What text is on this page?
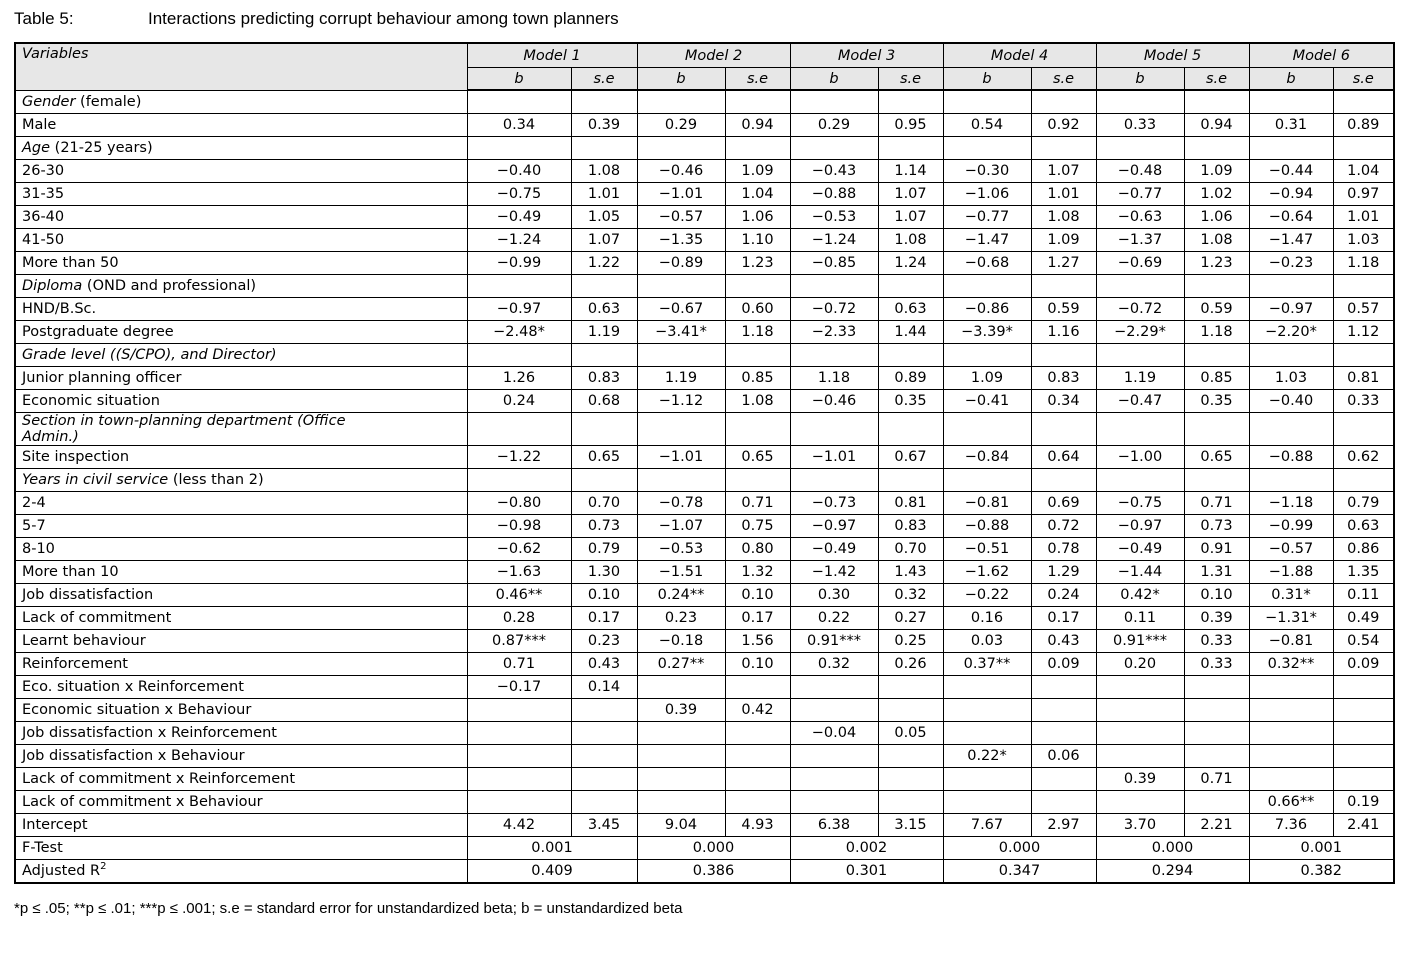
Table 5:	Interactions predicting corrupt behaviour among town planners
Variables	Model 1		Model 2		Model 3		Model 4		Model 5		Model 6	
	b	s.e	b	s.e	b	s.e	b	s.e	b	s.e	b	s.e
Gender (female)												
Male	0.34	0.39	0.29	0.94	0.29	0.95	0.54	0.92	0.33	0.94	0.31	0.89
Age (21-25 years)												
26-30	−0.40	1.08	−0.46	1.09	−0.43	1.14	−0.30	1.07	−0.48	1.09	−0.44	1.04
31-35	−0.75	1.01	−1.01	1.04	−0.88	1.07	−1.06	1.01	−0.77	1.02	−0.94	0.97
36-40	−0.49	1.05	−0.57	1.06	−0.53	1.07	−0.77	1.08	−0.63	1.06	−0.64	1.01
41-50	−1.24	1.07	−1.35	1.10	−1.24	1.08	−1.47	1.09	−1.37	1.08	−1.47	1.03
More than 50	−0.99	1.22	−0.89	1.23	−0.85	1.24	−0.68	1.27	−0.69	1.23	−0.23	1.18
Diploma (OND and professional)												
HND/B.Sc.	−0.97	0.63	−0.67	0.60	−0.72	0.63	−0.86	0.59	−0.72	0.59	−0.97	0.57
Postgraduate degree	−2.48*	1.19	−3.41*	1.18	−2.33	1.44	−3.39*	1.16	−2.29*	1.18	−2.20*	1.12
Grade level ((S/CPO), and Director)												
Junior planning officer	1.26	0.83	1.19	0.85	1.18	0.89	1.09	0.83	1.19	0.85	1.03	0.81
Economic situation	0.24	0.68	−1.12	1.08	−0.46	0.35	−0.41	0.34	−0.47	0.35	−0.40	0.33
Section in town-planning department (Office
Admin.)												
Site inspection	−1.22	0.65	−1.01	0.65	−1.01	0.67	−0.84	0.64	−1.00	0.65	−0.88	0.62
Years in civil service (less than 2)												
2-4	−0.80	0.70	−0.78	0.71	−0.73	0.81	−0.81	0.69	−0.75	0.71	−1.18	0.79
5-7	−0.98	0.73	−1.07	0.75	−0.97	0.83	−0.88	0.72	−0.97	0.73	−0.99	0.63
8-10	−0.62	0.79	−0.53	0.80	−0.49	0.70	−0.51	0.78	−0.49	0.91	−0.57	0.86
More than 10	−1.63	1.30	−1.51	1.32	−1.42	1.43	−1.62	1.29	−1.44	1.31	−1.88	1.35
Job dissatisfaction	0.46**	0.10	0.24**	0.10	0.30	0.32	−0.22	0.24	0.42*	0.10	0.31*	0.11
Lack of commitment	0.28	0.17	0.23	0.17	0.22	0.27	0.16	0.17	0.11	0.39	−1.31*	0.49
Learnt behaviour	0.87***	0.23	−0.18	1.56	0.91***	0.25	0.03	0.43	0.91***	0.33	−0.81	0.54
Reinforcement	0.71	0.43	0.27**	0.10	0.32	0.26	0.37**	0.09	0.20	0.33	0.32**	0.09
Eco. situation x Reinforcement	−0.17	0.14										
Economic situation x Behaviour			0.39	0.42								
Job dissatisfaction x Reinforcement					−0.04	0.05						
Job dissatisfaction x Behaviour							0.22*	0.06				
Lack of commitment x Reinforcement									0.39	0.71		
Lack of commitment x Behaviour											0.66**	0.19
Intercept	4.42	3.45	9.04	4.93	6.38	3.15	7.67	2.97	3.70	2.21	7.36	2.41
F-Test	0.001		0.000		0.002		0.000		0.000		0.001	
Adjusted $R^2$	0.409		0.386		0.301		0.347		0.294		0.382	
*p ≤ .05; **p ≤ .01; ***p ≤ .001; s.e = standard error for unstandardized beta; b = unstandardized beta
